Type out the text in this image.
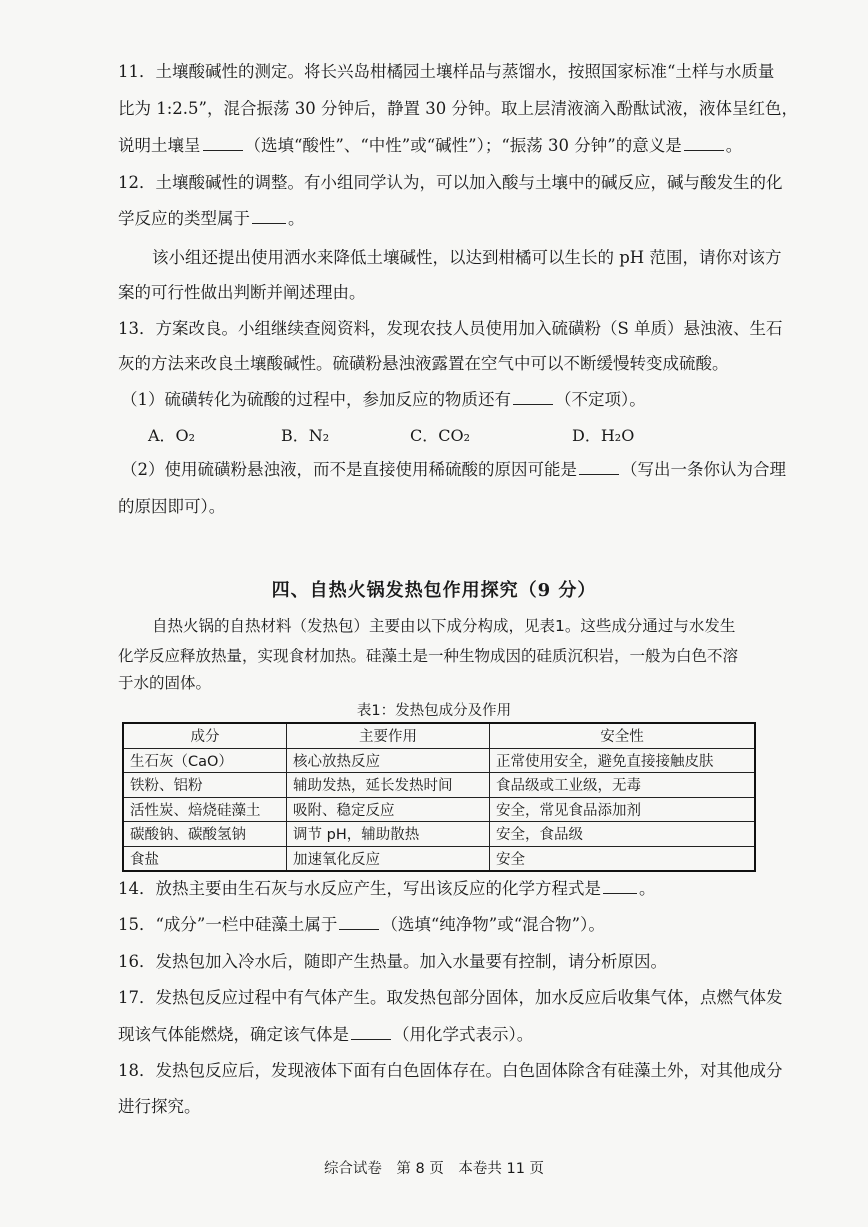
11．土壤酸碱性的测定。将长兴岛柑橘园土壤样品与蒸馏水，按照国家标准“土样与水质量
比为 1:2.5”，混合振荡 30 分钟后，静置 30 分钟。取上层清液滴入酚酞试液，液体呈红色，
说明土壤呈	（选填“酸性”、“中性”或“碱性”）；“振荡 30 分钟”的意义是	。
12．土壤酸碱性的调整。有小组同学认为，可以加入酸与土壤中的碱反应，碱与酸发生的化
学反应的类型属于 。
该小组还提出使用洒水来降低土壤碱性，以达到柑橘可以生长的 pH 范围，请你对该方
案的可行性做出判断并阐述理由。
13．方案改良。小组继续查阅资料，发现农技人员使用加入硫磺粉（S 单质）悬浊液、生石
灰的方法来改良土壤酸碱性。硫磺粉悬浊液露置在空气中可以不断缓慢转变成硫酸。
（1）硫磺转化为硫酸的过程中，参加反应的物质还有	（不定项）。
A．O₂	B．N₂	C．CO₂	D．H₂O
（2）使用硫磺粉悬浊液，而不是直接使用稀硫酸的原因可能是	（写出一条你认为合理
的原因即可）。
四、自热火锅发热包作用探究（9 分）
自热火锅的自热材料（发热包）主要由以下成分构成，见表1。这些成分通过与水发生
化学反应释放热量，实现食材加热。硅藻土是一种生物成因的硅质沉积岩，一般为白色不溶
于水的固体。
表1：发热包成分及作用
成分	主要作用	安全性
生石灰（CaO）	核心放热反应	正常使用安全，避免直接接触皮肤
铁粉、铝粉	辅助发热，延长发热时间	食品级或工业级，无毒
活性炭、焙烧硅藻土	吸附、稳定反应	安全，常见食品添加剂
碳酸钠、碳酸氢钠	调节 pH，辅助散热	安全，食品级
食盐	加速氧化反应	安全
14．放热主要由生石灰与水反应产生，写出该反应的化学方程式是 。
15．“成分”一栏中硅藻土属于	（选填“纯净物”或“混合物”）。
16．发热包加入冷水后，随即产生热量。加入水量要有控制，请分析原因。
17．发热包反应过程中有气体产生。取发热包部分固体，加水反应后收集气体，点燃气体发
现该气体能燃烧，确定该气体是	（用化学式表示）。
18．发热包反应后，发现液体下面有白色固体存在。白色固体除含有硅藻土外，对其他成分
进行探究。
综合试卷　第 8 页　本卷共 11 页
